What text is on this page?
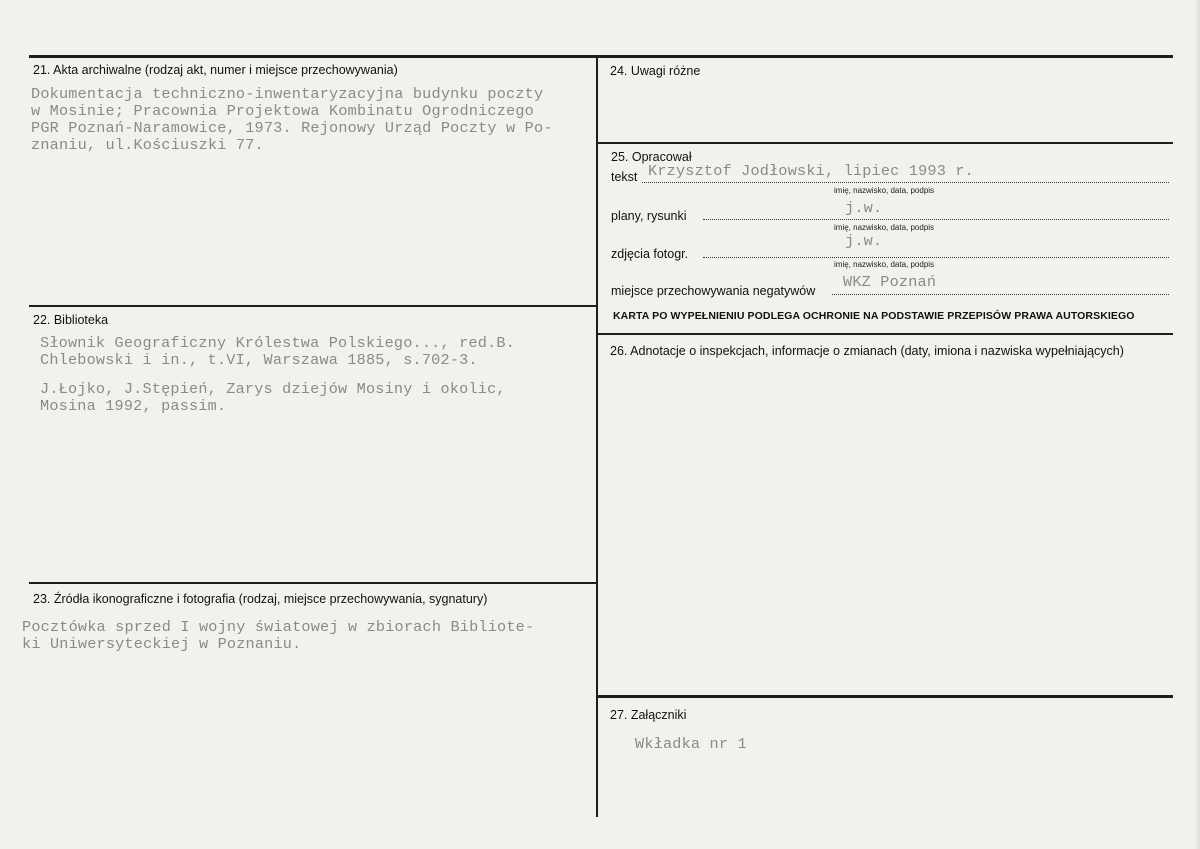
21. Akta archiwalne (rodzaj akt, numer i miejsce przechowywania)
Dokumentacja techniczno-inwentaryzacyjna budynku poczty
w Mosinie; Pracownia Projektowa Kombinatu Ogrodniczego
PGR Poznań-Naramowice, 1973. Rejonowy Urząd Poczty w Po-
znaniu, ul.Kościuszki 77.
22. Biblioteka
Słownik Geograficzny Królestwa Polskiego..., red.B.
Chlebowski i in., t.VI, Warszawa 1885, s.702-3.
J.Łojko, J.Stępień, Zarys dziejów Mosiny i okolic,
Mosina 1992, passim.
23. Źródła ikonograficzne i fotografia (rodzaj, miejsce przechowywania, sygnatury)
Pocztówka sprzed I wojny światowej w zbiorach Bibliote-
ki Uniwersyteckiej w Poznaniu.
24. Uwagi różne
25. Opracował
tekst Krzysztof Jodłowski, lipiec 1993 r.
imię, nazwisko, data, podpis
plany, rysunki	j.w.
imię, nazwisko, data, podpis
zdjęcia fotogr.
j.w.
imię, nazwisko, data, podpis
miejsce przechowywania negatywów WKZ Poznań
KARTA PO WYPEŁNIENIU PODLEGA OCHRONIE NA PODSTAWIE PRZEPISÓW PRAWA AUTORSKIEGO
26. Adnotacje o inspekcjach, informacje o zmianach (daty, imiona i nazwiska wypełniających)
27. Załączniki
Wkładka nr 1
